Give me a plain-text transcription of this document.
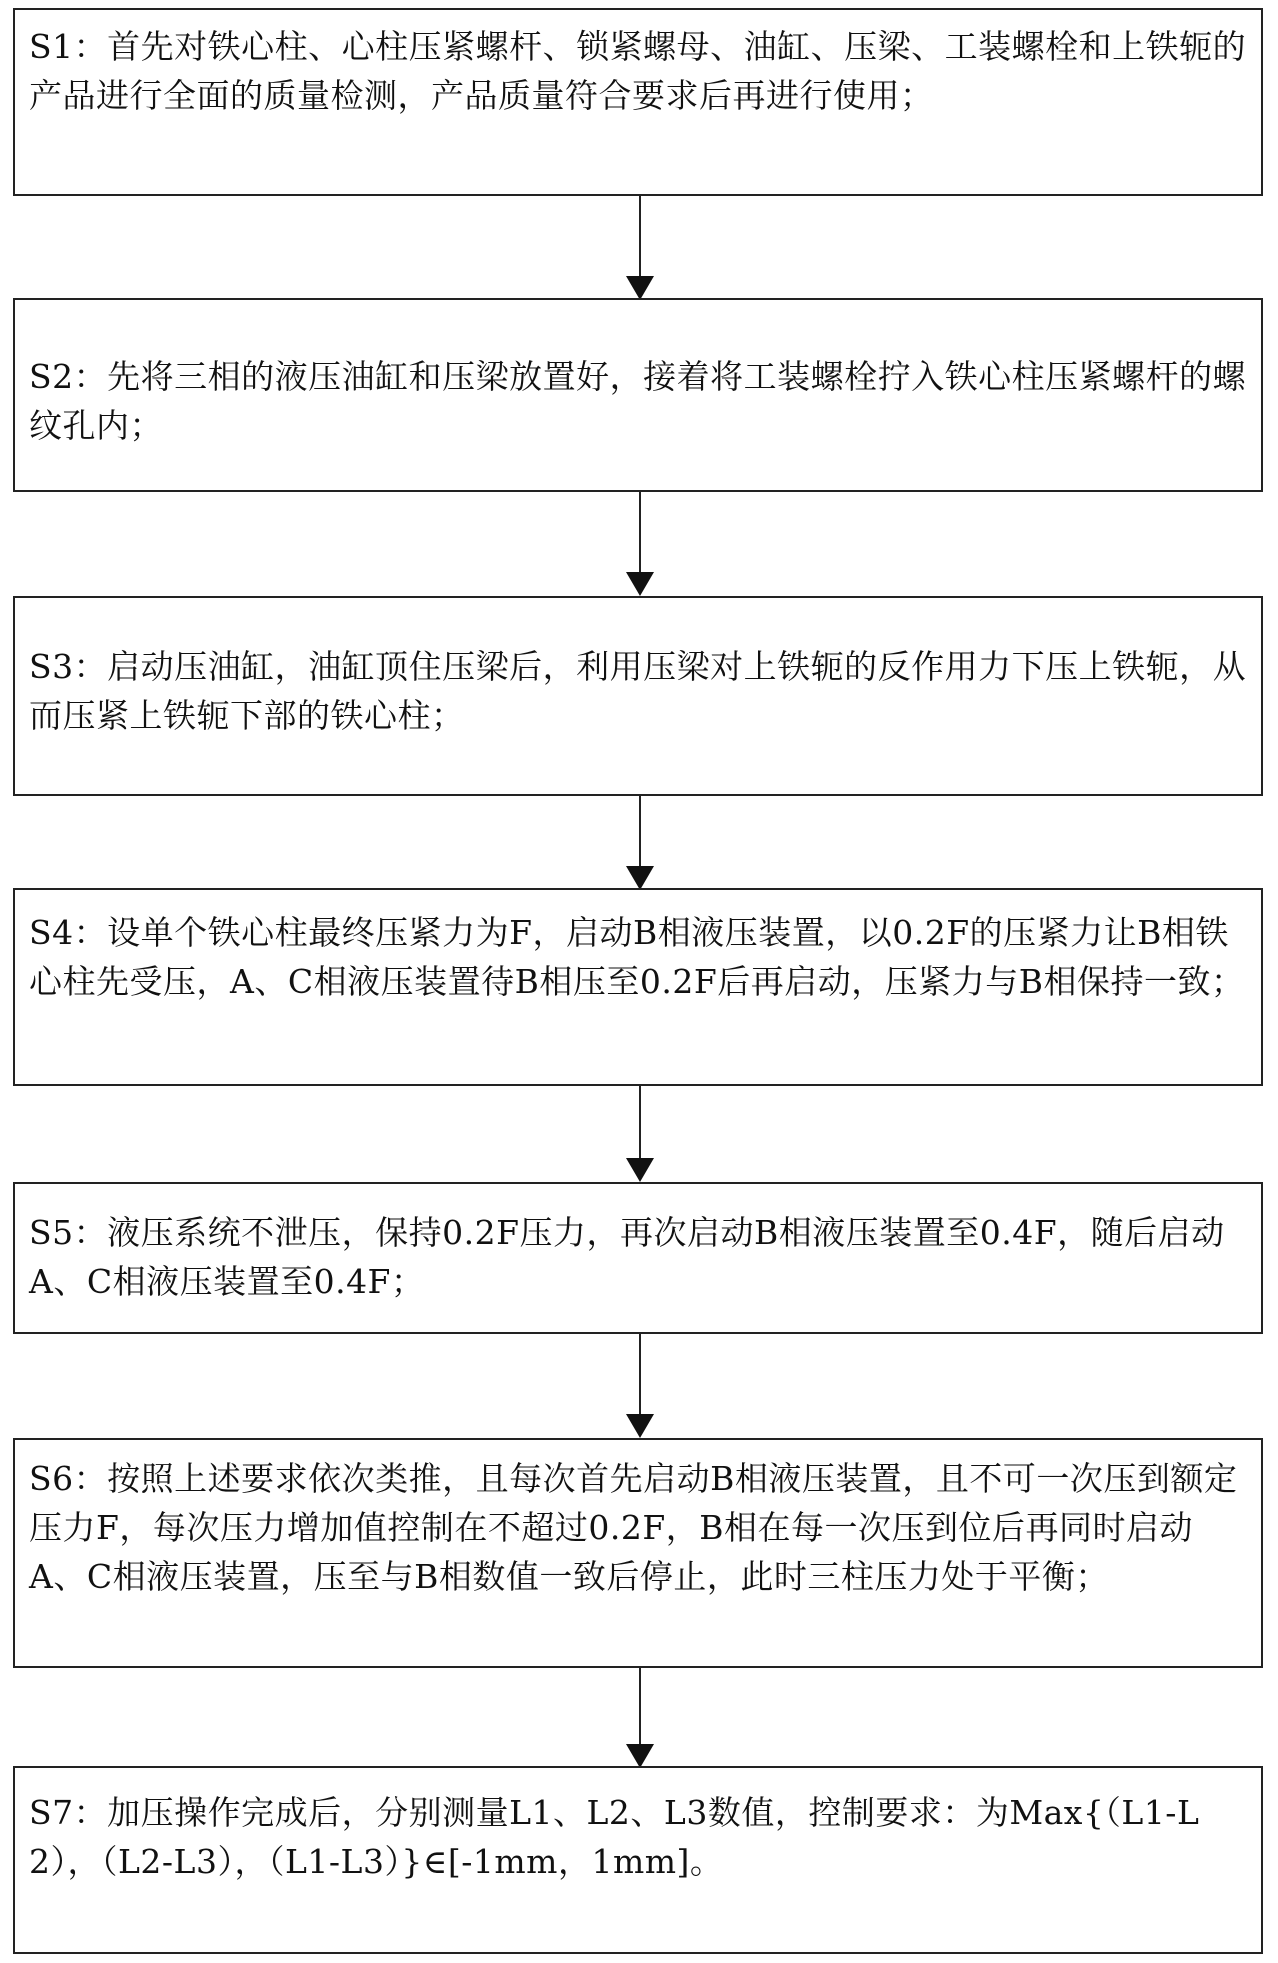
S1：首先对铁心柱、心柱压紧螺杆、锁紧螺母、油缸、压梁、工装螺栓和上铁轭的产品进行全面的质量检测，产品质量符合要求后再进行使用；

S2：先将三相的液压油缸和压梁放置好，接着将工装螺栓拧入铁心柱压紧螺杆的螺纹孔内；

S3：启动压油缸，油缸顶住压梁后，利用压梁对上铁轭的反作用力下压上铁轭，从而压紧上铁轭下部的铁心柱；

S4：设单个铁心柱最终压紧力为F，启动B相液压装置，以0.2F的压紧力让B相铁心柱先受压，A、C相液压装置待B相压至0.2F后再启动，压紧力与B相保持一致；

S5：液压系统不泄压，保持0.2F压力，再次启动B相液压装置至0.4F，随后启动A、C相液压装置至0.4F；

S6：按照上述要求依次类推，且每次首先启动B相液压装置，且不可一次压到额定压力F，每次压力增加值控制在不超过0.2F，B相在每一次压到位后再同时启动A、C相液压装置，压至与B相数值一致后停止，此时三柱压力处于平衡；

S7：加压操作完成后，分别测量L1、L2、L3数值，控制要求：为Max{（L1-L2），（L2-L3），（L1-L3）}∈[-1mm，1mm]。
